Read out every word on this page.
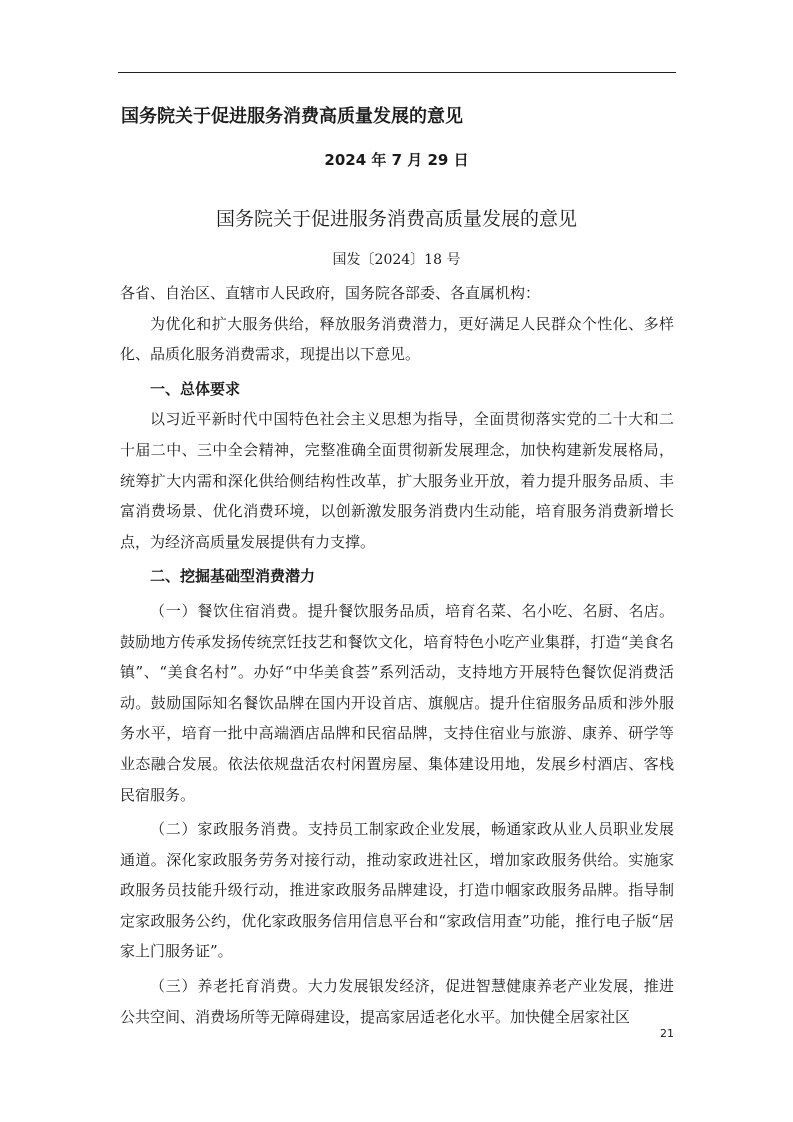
国务院关于促进服务消费高质量发展的意见
2024 年 7 月 29 日
国务院关于促进服务消费高质量发展的意见
国发〔2024〕18 号

各省、自治区、直辖市人民政府，国务院各部委、各直属机构：

为优化和扩大服务供给，释放服务消费潜力，更好满足人民群众个性化、多样化、品质化服务消费需求，现提出以下意见。

一、总体要求

以习近平新时代中国特色社会主义思想为指导，全面贯彻落实党的二十大和二十届二中、三中全会精神，完整准确全面贯彻新发展理念，加快构建新发展格局，统筹扩大内需和深化供给侧结构性改革，扩大服务业开放，着力提升服务品质、丰富消费场景、优化消费环境，以创新激发服务消费内生动能，培育服务消费新增长点，为经济高质量发展提供有力支撑。

二、挖掘基础型消费潜力

（一）餐饮住宿消费。提升餐饮服务品质，培育名菜、名小吃、名厨、名店。鼓励地方传承发扬传统烹饪技艺和餐饮文化，培育特色小吃产业集群，打造“美食名镇”、“美食名村”。办好“中华美食荟”系列活动，支持地方开展特色餐饮促消费活动。鼓励国际知名餐饮品牌在国内开设首店、旗舰店。提升住宿服务品质和涉外服务水平，培育一批中高端酒店品牌和民宿品牌，支持住宿业与旅游、康养、研学等业态融合发展。依法依规盘活农村闲置房屋、集体建设用地，发展乡村酒店、客栈民宿服务。

（二）家政服务消费。支持员工制家政企业发展，畅通家政从业人员职业发展通道。深化家政服务劳务对接行动，推动家政进社区，增加家政服务供给。实施家政服务员技能升级行动，推进家政服务品牌建设，打造巾帼家政服务品牌。指导制定家政服务公约，优化家政服务信用信息平台和“家政信用查”功能，推行电子版“居家上门服务证”。

（三）养老托育消费。大力发展银发经济，促进智慧健康养老产业发展，推进公共空间、消费场所等无障碍建设，提高家居适老化水平。加快健全居家社区

21
